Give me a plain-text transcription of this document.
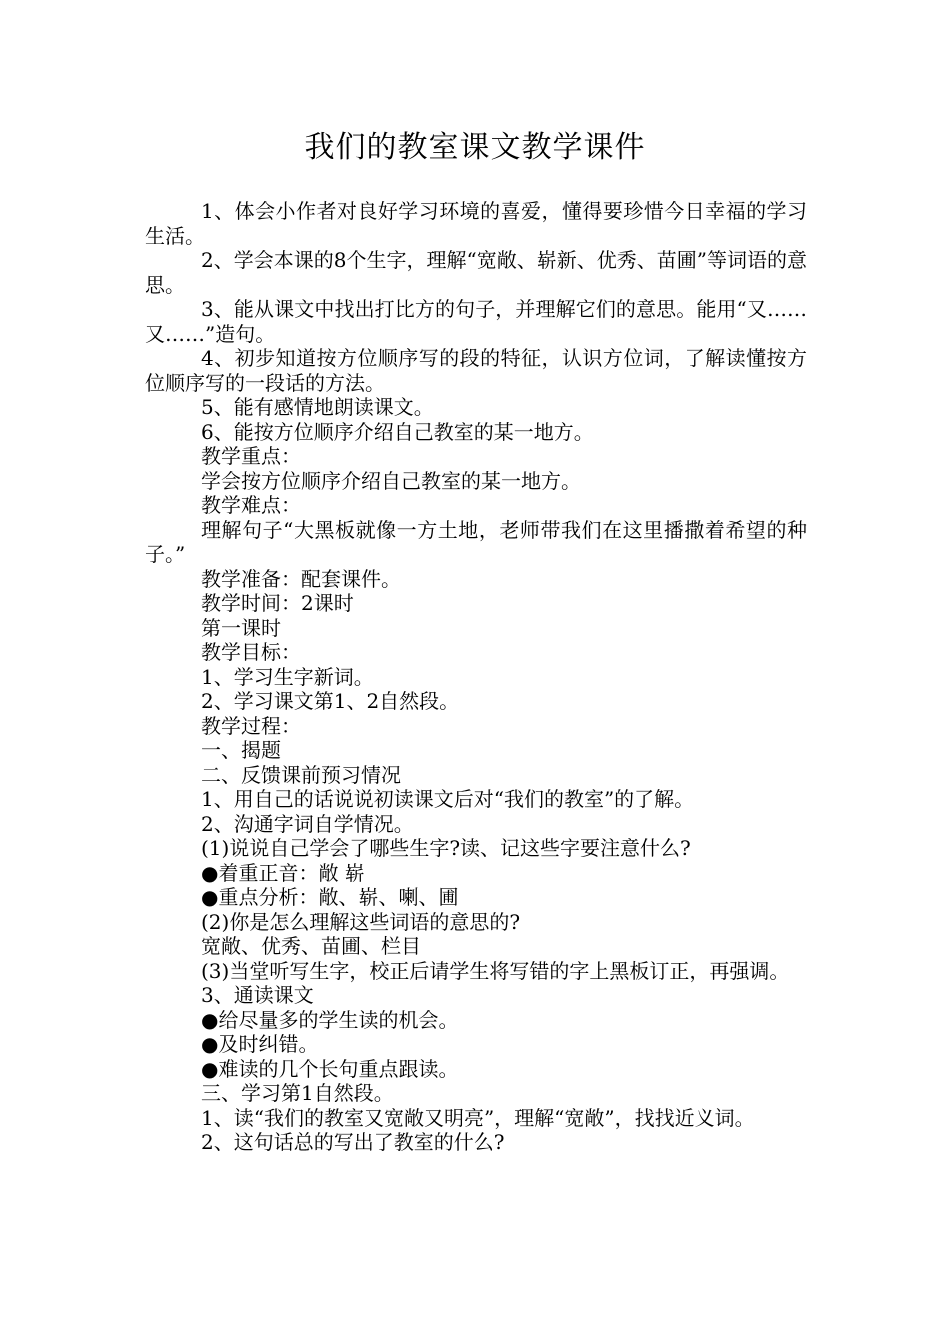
我们的教室课文教学课件

1、体会小作者对良好学习环境的喜爱，懂得要珍惜今日幸福的学习生活。

2、学会本课的8个生字，理解“宽敞、崭新、优秀、苗圃”等词语的意思。

3、能从课文中找出打比方的句子，并理解它们的意思。能用“又……又……”造句。

4、初步知道按方位顺序写的段的特征，认识方位词，了解读懂按方位顺序写的一段话的方法。

5、能有感情地朗读课文。

6、能按方位顺序介绍自己教室的某一地方。

教学重点：

学会按方位顺序介绍自己教室的某一地方。

教学难点：

理解句子“大黑板就像一方土地，老师带我们在这里播撒着希望的种子。”

教学准备：配套课件。

教学时间：2课时

第一课时

教学目标：

1、学习生字新词。

2、学习课文第1、2自然段。

教学过程：

一、揭题

二、反馈课前预习情况

1、用自己的话说说初读课文后对“我们的教室”的了解。

2、沟通字词自学情况。

(1)说说自己学会了哪些生字?读、记这些字要注意什么?

●着重正音：敞 崭

●重点分析：敞、崭、喇、圃

(2)你是怎么理解这些词语的意思的?

宽敞、优秀、苗圃、栏目

(3)当堂听写生字，校正后请学生将写错的字上黑板订正，再强调。

3、通读课文

●给尽量多的学生读的机会。

●及时纠错。

●难读的几个长句重点跟读。

三、学习第1自然段。

1、读“我们的教室又宽敞又明亮”，理解“宽敞”，找找近义词。

2、这句话总的写出了教室的什么?
